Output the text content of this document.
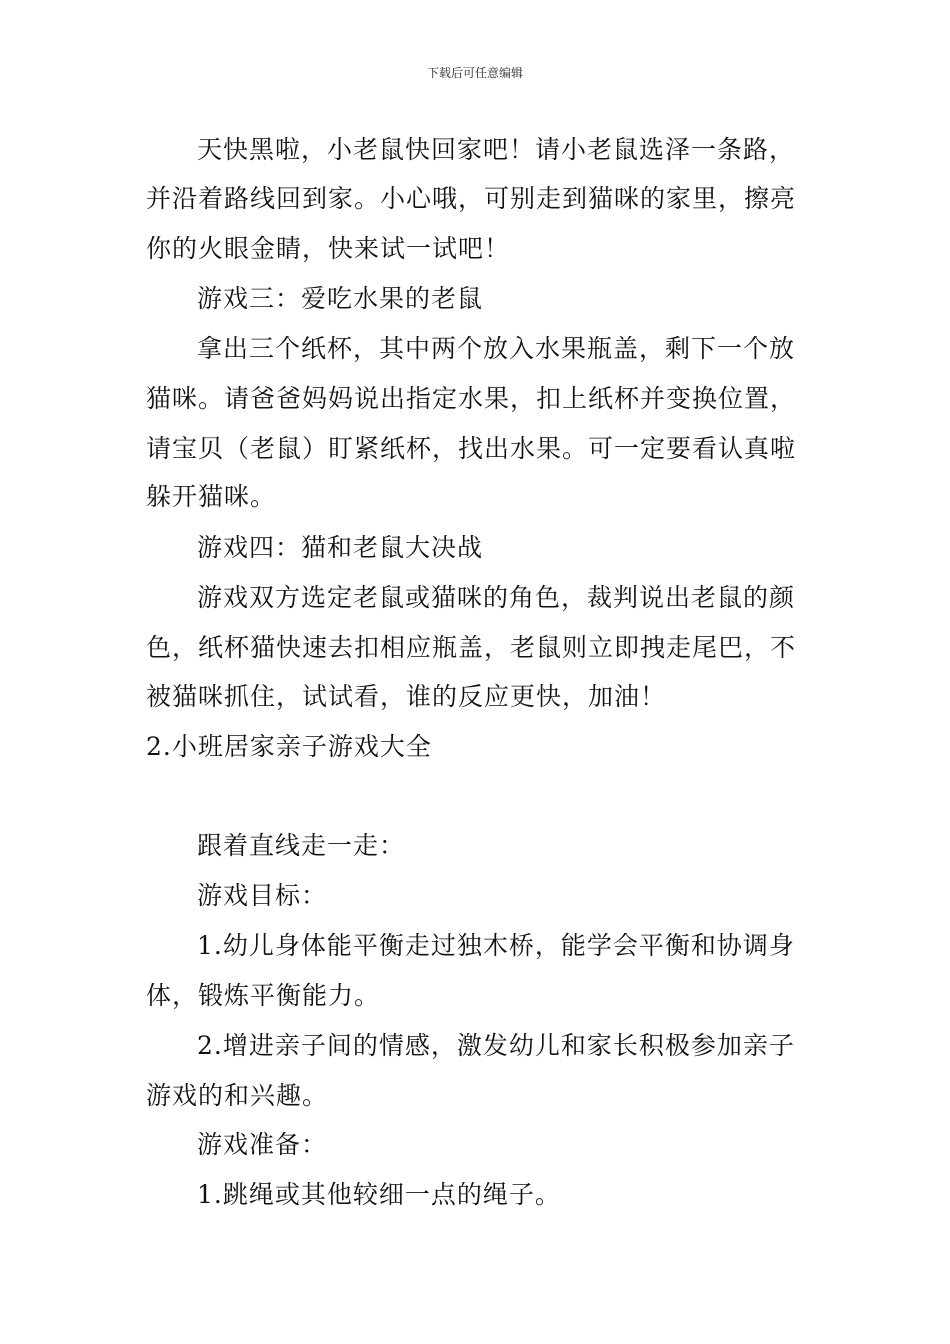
下载后可任意编辑
天快黑啦，小老鼠快回家吧！请小老鼠选泽一条路，
并沿着路线回到家。小心哦，可别走到猫咪的家里，擦亮
你的火眼金睛，快来试一试吧！
游戏三：爱吃水果的老鼠
拿出三个纸杯，其中两个放入水果瓶盖，剩下一个放
猫咪。请爸爸妈妈说出指定水果，扣上纸杯并变换位置，
请宝贝（老鼠）盯紧纸杯，找出水果。可一定要看认真啦
躲开猫咪。
游戏四：猫和老鼠大决战
游戏双方选定老鼠或猫咪的角色，裁判说出老鼠的颜
色，纸杯猫快速去扣相应瓶盖，老鼠则立即拽走尾巴，不
被猫咪抓住，试试看，谁的反应更快，加油！
2.小班居家亲子游戏大全
跟着直线走一走：
游戏目标：
1.幼儿身体能平衡走过独木桥，能学会平衡和协调身
体，锻炼平衡能力。
2.增进亲子间的情感，激发幼儿和家长积极参加亲子
游戏的和兴趣。
游戏准备：
1.跳绳或其他较细一点的绳子。
